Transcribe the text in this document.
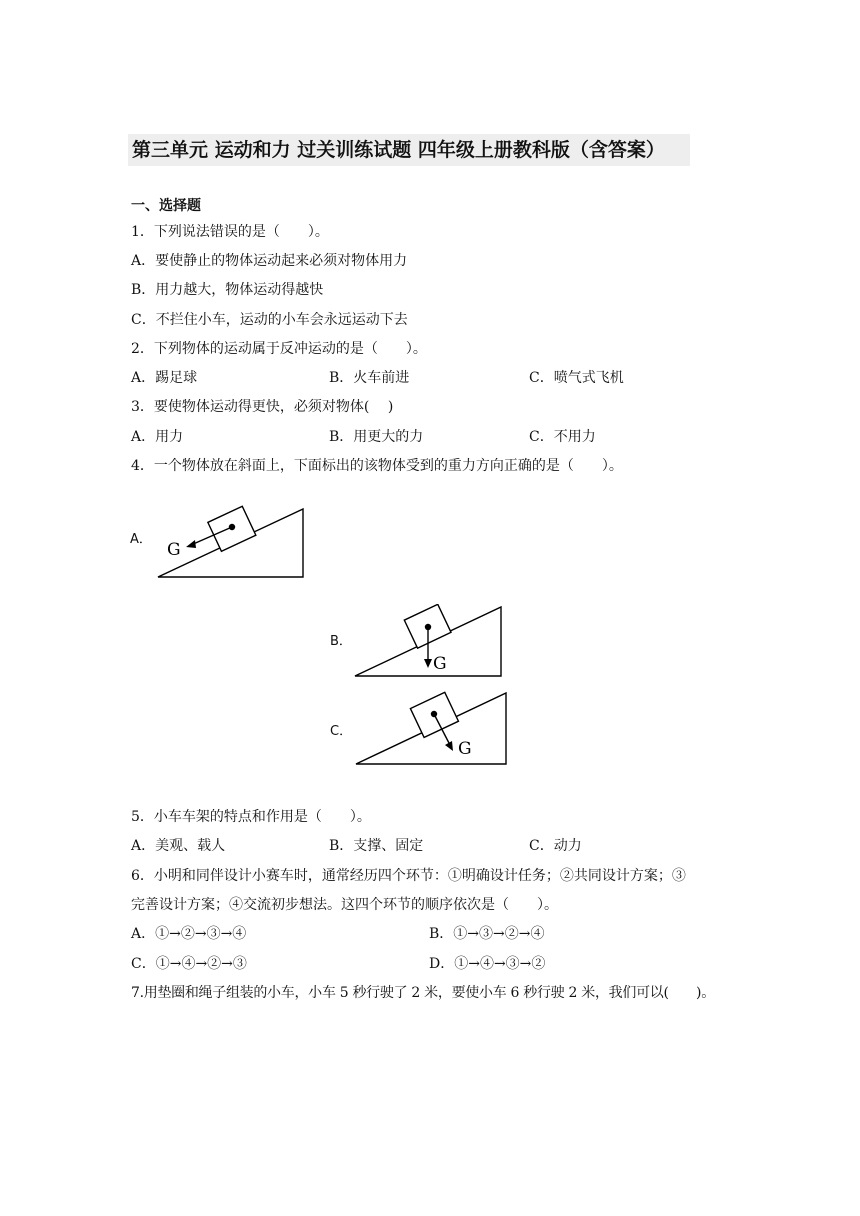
第三单元 运动和力 过关训练试题 四年级上册教科版（含答案）
一、选择题
1．下列说法错误的是（　　）。
A．要使静止的物体运动起来必须对物体用力
B．用力越大，物体运动得越快
C．不拦住小车，运动的小车会永远运动下去
2．下列物体的运动属于反冲运动的是（　　）。
A．踢足球	B．火车前进	C．喷气式飞机
3．要使物体运动得更快，必须对物体(　 )
A．用力	B．用更大的力	C．不用力
4．一个物体放在斜面上，下面标出的该物体受到的重力方向正确的是（　　）。
A．
G
B．
G
C．
G
5．小车车架的特点和作用是（　　）。
A．美观、载人	B．支撑、固定	C．动力
6．小明和同伴设计小赛车时，通常经历四个环节：①明确设计任务；②共同设计方案；③
完善设计方案；④交流初步想法。这四个环节的顺序依次是（　　）。
A．①→②→③→④	B．①→③→②→④
C．①→④→②→③	D．①→④→③→②
7.用垫圈和绳子组装的小车，小车 5 秒行驶了 2 米，要使小车 6 秒行驶 2 米，我们可以(　　)。
